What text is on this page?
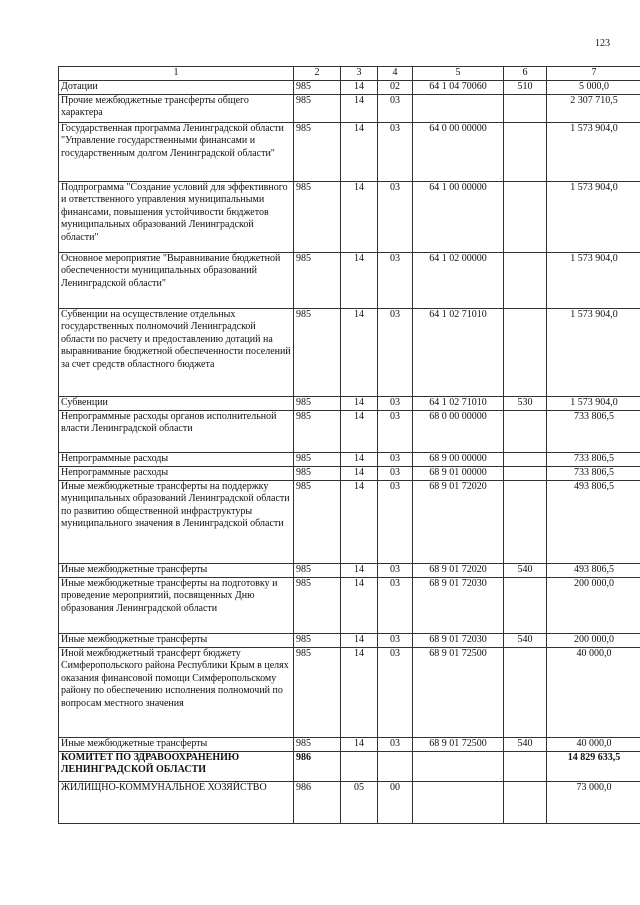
123
1	2	3	4	5	6	7
Дотации	985	14	02	64 1 04 70060	510	5 000,0
Прочие межбюджетные трансферты общего характера	985	14	03			2 307 710,5
Государственная программа Ленинградской области "Управление государственными финансами и государственным долгом Ленинградской области"	985	14	03	64 0 00 00000		1 573 904,0
Подпрограмма "Создание условий для эффективного и ответственного управления муниципальными финансами, повышения устойчивости бюджетов муниципальных образований Ленинградской области"	985	14	03	64 1 00 00000		1 573 904,0
Основное мероприятие "Выравнивание бюджетной обеспеченности муниципальных образований Ленинградской области"	985	14	03	64 1 02 00000		1 573 904,0
Субвенции на осуществление отдельных государственных полномочий Ленинградской области по расчету и предоставлению дотаций на выравнивание бюджетной обеспеченности поселений за счет средств областного бюджета	985	14	03	64 1 02 71010		1 573 904,0
Субвенции	985	14	03	64 1 02 71010	530	1 573 904,0
Непрограммные расходы органов исполнительной власти Ленинградской области	985	14	03	68 0 00 00000		733 806,5
Непрограммные расходы	985	14	03	68 9 00 00000		733 806,5
Непрограммные расходы	985	14	03	68 9 01 00000		733 806,5
Иные межбюджетные трансферты на поддержку муниципальных образований Ленинградской области по развитию общественной инфраструктуры муниципального значения в Ленинградской области	985	14	03	68 9 01 72020		493 806,5
Иные межбюджетные трансферты	985	14	03	68 9 01 72020	540	493 806,5
Иные межбюджетные трансферты на подготовку и проведение мероприятий, посвященных Дню образования Ленинградской области	985	14	03	68 9 01 72030		200 000,0
Иные межбюджетные трансферты	985	14	03	68 9 01 72030	540	200 000,0
Иной межбюджетный трансферт бюджету Симферопольского района Республики Крым в целях оказания финансовой помощи Симферопольскому району по обеспечению исполнения полномочий по вопросам местного значения	985	14	03	68 9 01 72500		40 000,0
Иные межбюджетные трансферты	985	14	03	68 9 01 72500	540	40 000,0
КОМИТЕТ ПО ЗДРАВООХРАНЕНИЮ ЛЕНИНГРАДСКОЙ ОБЛАСТИ	986					14 829 633,5
ЖИЛИЩНО-КОММУНАЛЬНОЕ ХОЗЯЙСТВО	986	05	00			73 000,0
